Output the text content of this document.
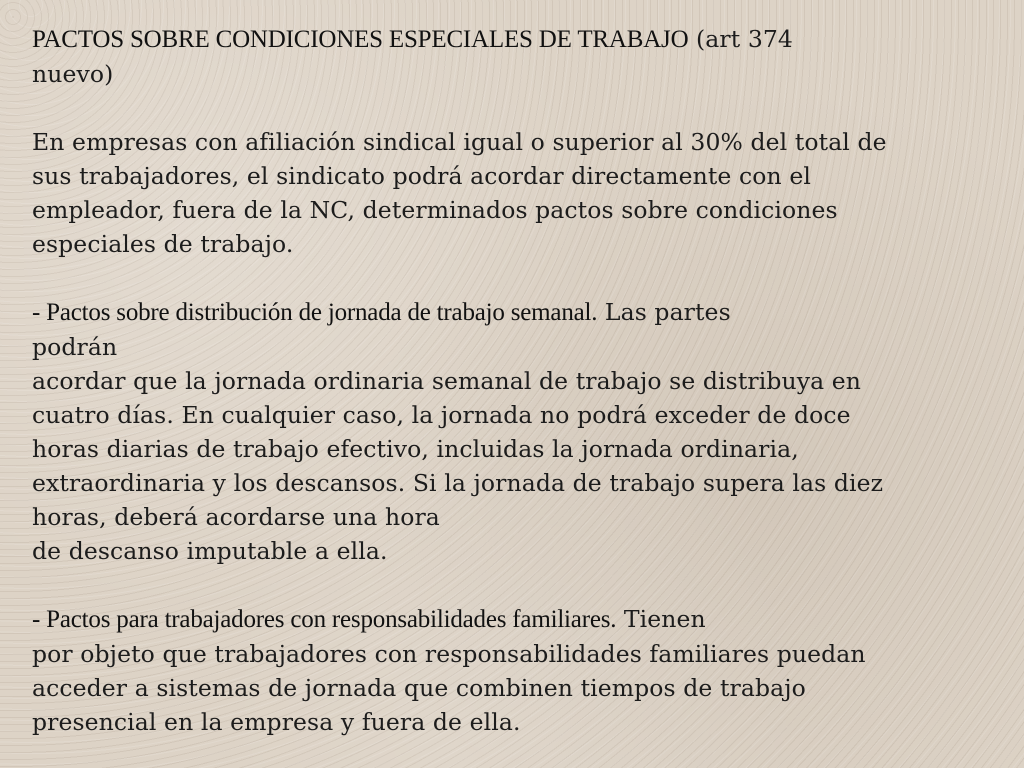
PACTOS SOBRE CONDICIONES ESPECIALES DE TRABAJO (art 374
nuevo)
En empresas con afiliación sindical igual o superior al 30% del total de
sus trabajadores, el sindicato podrá acordar directamente con el
empleador, fuera de la NC, determinados pactos sobre condiciones
especiales de trabajo.
- Pactos sobre distribución de jornada de trabajo semanal. Las partes
podrán
acordar que la jornada ordinaria semanal de trabajo se distribuya en
cuatro días. En cualquier caso, la jornada no podrá exceder de doce
horas diarias de trabajo efectivo, incluidas la jornada ordinaria,
extraordinaria y los descansos. Si la jornada de trabajo supera las diez
horas, deberá acordarse una hora
de descanso imputable a ella.
- Pactos para trabajadores con responsabilidades familiares. Tienen
por objeto que trabajadores con responsabilidades familiares puedan
acceder a sistemas de jornada que combinen tiempos de trabajo
presencial en la empresa y fuera de ella.
